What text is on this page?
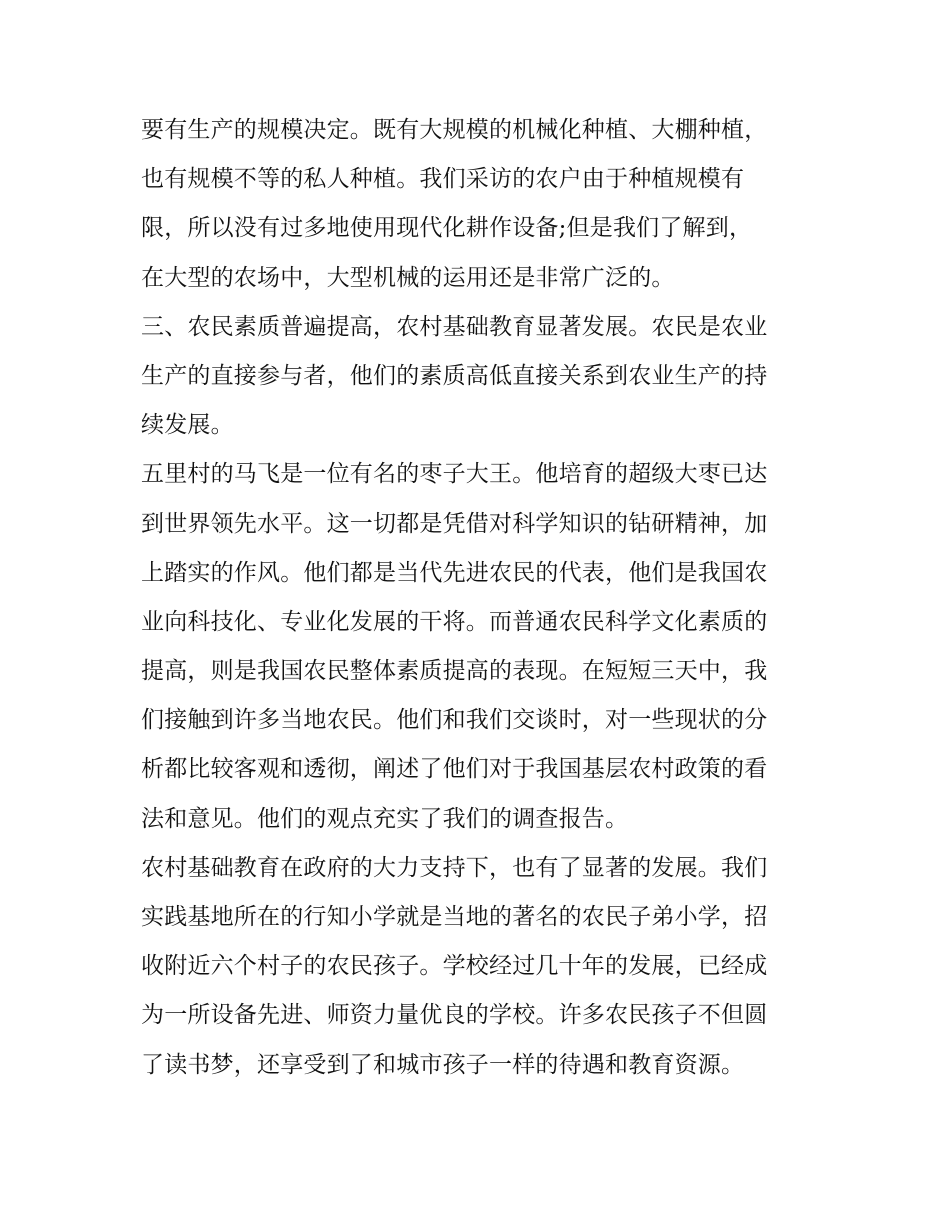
要有生产的规模决定。既有大规模的机械化种植、大棚种植，
也有规模不等的私人种植。我们采访的农户由于种植规模有
限，所以没有过多地使用现代化耕作设备;但是我们了解到，
在大型的农场中，大型机械的运用还是非常广泛的。
三、农民素质普遍提高，农村基础教育显著发展。农民是农业
生产的直接参与者，他们的素质高低直接关系到农业生产的持
续发展。
五里村的马飞是一位有名的枣子大王。他培育的超级大枣已达
到世界领先水平。这一切都是凭借对科学知识的钻研精神，加
上踏实的作风。他们都是当代先进农民的代表，他们是我国农
业向科技化、专业化发展的干将。而普通农民科学文化素质的
提高，则是我国农民整体素质提高的表现。在短短三天中，我
们接触到许多当地农民。他们和我们交谈时，对一些现状的分
析都比较客观和透彻，阐述了他们对于我国基层农村政策的看
法和意见。他们的观点充实了我们的调查报告。
农村基础教育在政府的大力支持下，也有了显著的发展。我们
实践基地所在的行知小学就是当地的著名的农民子弟小学，招
收附近六个村子的农民孩子。学校经过几十年的发展，已经成
为一所设备先进、师资力量优良的学校。许多农民孩子不但圆
了读书梦，还享受到了和城市孩子一样的待遇和教育资源。
